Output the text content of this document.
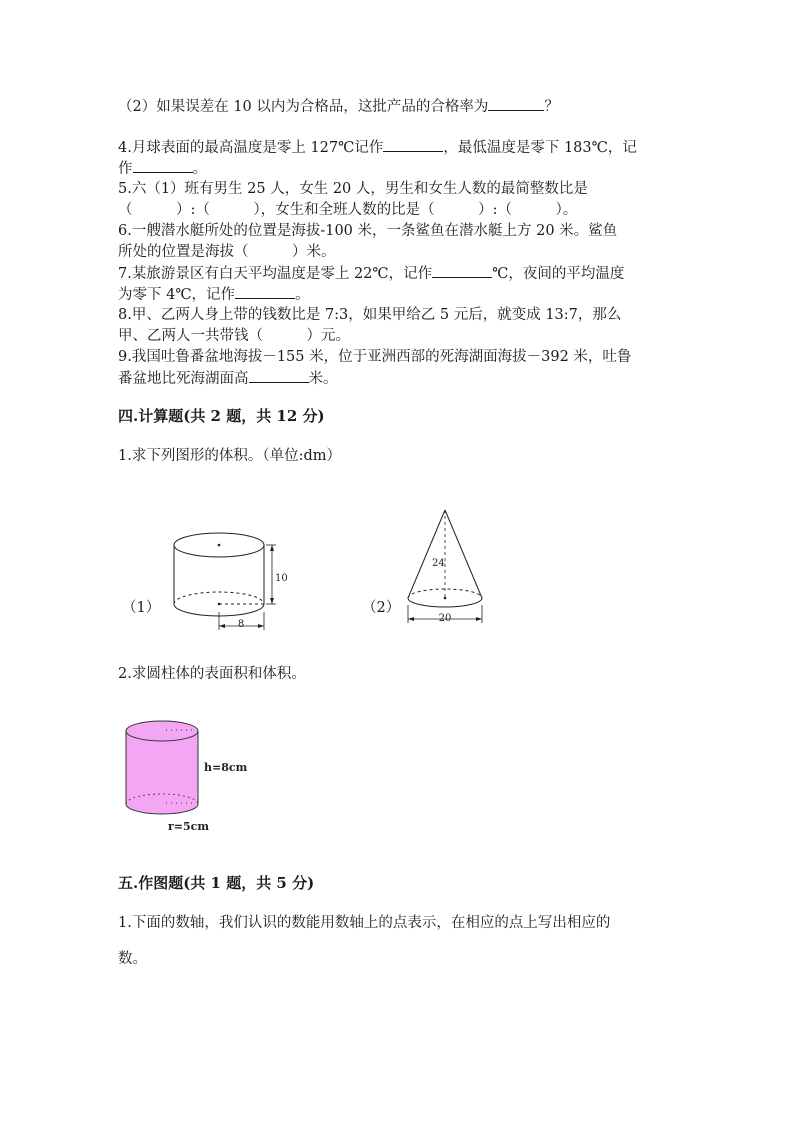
（2）如果误差在 10 以内为合格品，这批产品的合格率为	？
4.月球表面的最高温度是零上 127℃记作	，最低温度是零下 183℃，记
作	。
5.六（1）班有男生 25 人，女生 20 人，男生和女生人数的最简整数比是
（　　　）:（　　　），女生和全班人数的比是（　　　）:（　　　）。
6.一艘潜水艇所处的位置是海拔-100 米，一条鲨鱼在潜水艇上方 20 米。鲨鱼
所处的位置是海拔（　　　）米。
7.某旅游景区有白天平均温度是零上 22℃，记作	℃，夜间的平均温度
为零下 4℃，记作	。
8.甲、乙两人身上带的钱数比是 7:3，如果甲给乙 5 元后，就变成 13:7，那么
甲、乙两人一共带钱（　　　）元。
9.我国吐鲁番盆地海拔－155 米，位于亚洲西部的死海湖面海拔－392 米，吐鲁
番盆地比死海湖面高	米。
四.计算题(共 2 题，共 12 分)
1.求下列图形的体积。（单位:dm）
（1）
10
8
（2）
24
20
2.求圆柱体的表面积和体积。
h=8cm
r=5cm
五.作图题(共 1 题，共 5 分)
1.下面的数轴，我们认识的数能用数轴上的点表示，在相应的点上写出相应的
数。
